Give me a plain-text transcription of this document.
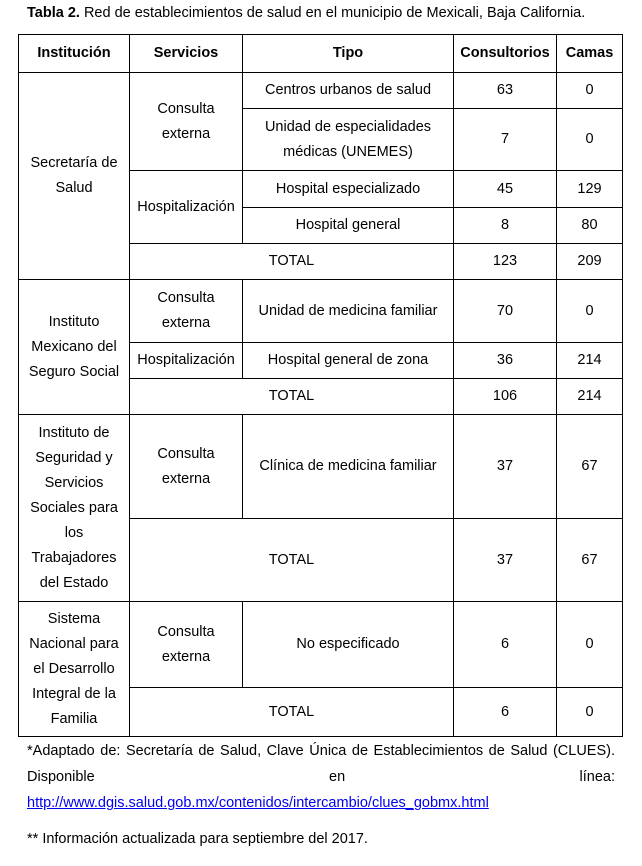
Tabla 2. Red de establecimientos de salud en el municipio de Mexicali, Baja California.
Institución	Servicios	Tipo	Consultorios	Camas
Secretaría de Salud	Consulta externa	Centros urbanos de salud	63	0
		Unidad de especialidades médicas (UNEMES)	7	0
	Hospitalización	Hospital especializado	45	129
		Hospital general	8	80
	TOTAL		123	209
Instituto Mexicano del Seguro Social	Consulta externa	Unidad de medicina familiar	70	0
	Hospitalización	Hospital general de zona	36	214
	TOTAL		106	214
Instituto de Seguridad y Servicios Sociales para los Trabajadores del Estado	Consulta externa	Clínica de medicina familiar	37	67
	TOTAL		37	67
Sistema Nacional para el Desarrollo Integral de la Familia	Consulta externa	No especificado	6	0
	TOTAL		6	0
*Adaptado de: Secretaría de Salud, Clave Única de Establecimientos de Salud (CLUES). Disponible en línea:
http://www.dgis.salud.gob.mx/contenidos/intercambio/clues_gobmx.html
** Información actualizada para septiembre del 2017.
